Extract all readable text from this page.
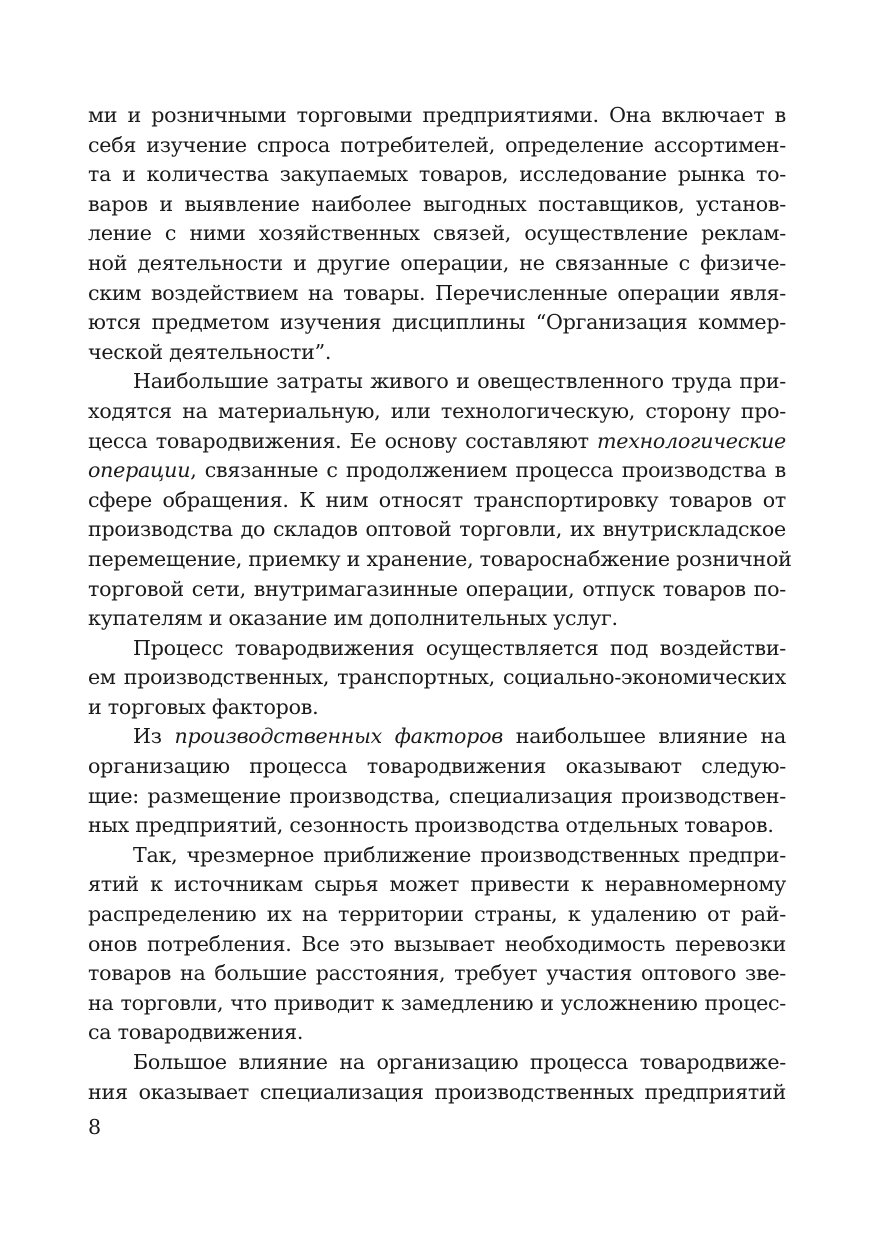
ми и розничными торговыми предприятиями. Она включает в
себя изучение спроса потребителей, определение ассортимен-
та и количества закупаемых товаров, исследование рынка то-
варов и выявление наиболее выгодных поставщиков, установ-
ление с ними хозяйственных связей, осуществление реклам-
ной деятельности и другие операции, не связанные с физиче-
ским воздействием на товары. Перечисленные операции явля-
ются предметом изучения дисциплины “Организация коммер-
ческой деятельности”.
Наибольшие затраты живого и овеществленного труда при-
ходятся на материальную, или технологическую, сторону про-
цесса товародвижения. Ее основу составляют технологические
операции, связанные с продолжением процесса производства в
сфере обращения. К ним относят транспортировку товаров от
производства до складов оптовой торговли, их внутрискладское
перемещение, приемку и хранение, товароснабжение розничной
торговой сети, внутримагазинные операции, отпуск товаров по-
купателям и оказание им дополнительных услуг.
Процесс товародвижения осуществляется под воздействи-
ем производственных, транспортных, социально-экономических
и торговых факторов.
Из производственных факторов наибольшее влияние на
организацию процесса товародвижения оказывают следую-
щие: размещение производства, специализация производствен-
ных предприятий, сезонность производства отдельных товаров.
Так, чрезмерное приближение производственных предпри-
ятий к источникам сырья может привести к неравномерному
распределению их на территории страны, к удалению от рай-
онов потребления. Все это вызывает необходимость перевозки
товаров на большие расстояния, требует участия оптового зве-
на торговли, что приводит к замедлению и усложнению процес-
са товародвижения.
Большое влияние на организацию процесса товародвиже-
ния оказывает специализация производственных предприятий
8
